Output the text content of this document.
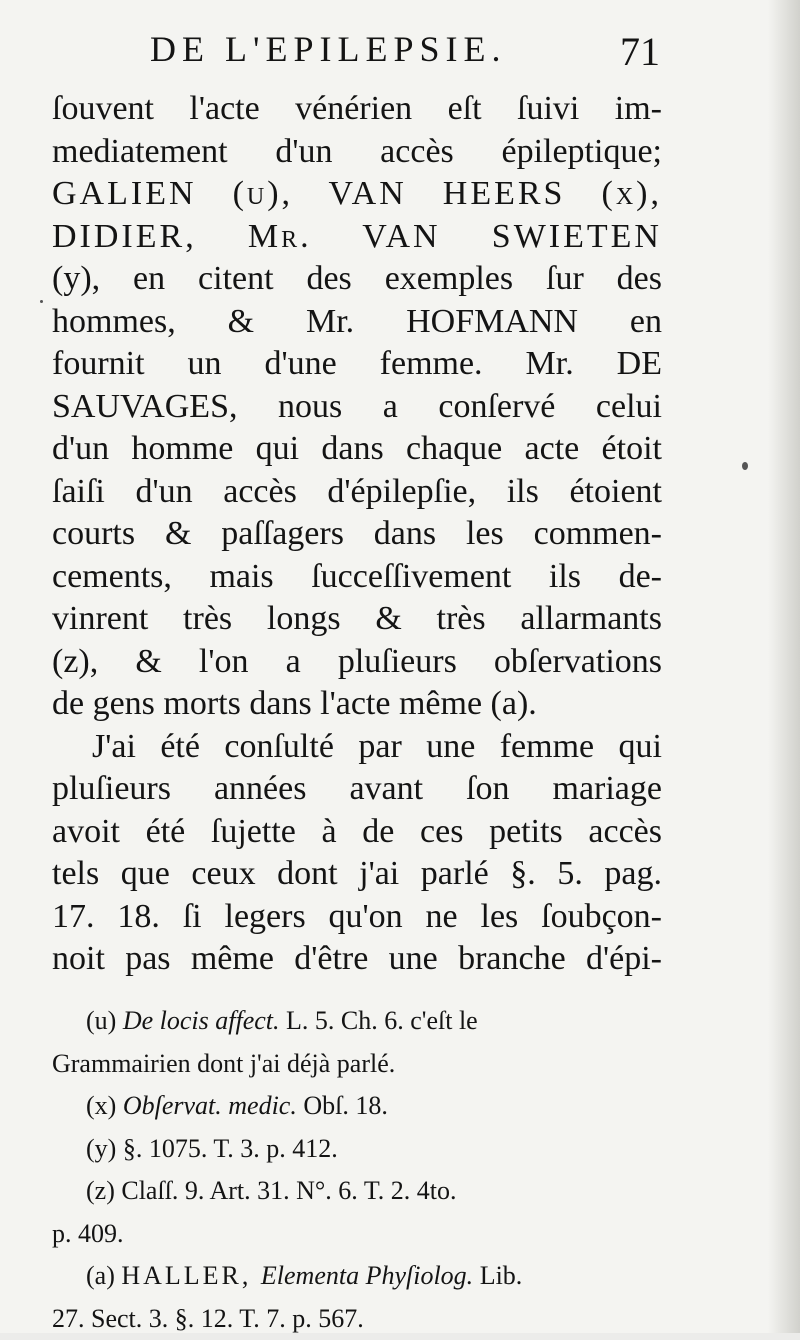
DE L'EPILEPSIE.	71
ſouvent l'acte vénérien eſt ſuivi im-
mediatement d'un accès épileptique;
GALIEN (u), VAN HEERS (x),
DIDIER, Mr. VAN SWIETEN
(y), en citent des exemples ſur des
hommes, & Mr. HOFMANN en
fournit un d'une femme. Mr. DE
SAUVAGES, nous a conſervé celui
d'un homme qui dans chaque acte étoit
ſaiſi d'un accès d'épilepſie, ils étoient
courts & paſſagers dans les commen-
cements, mais ſucceſſivement ils de-
vinrent très longs & très allarmants
(z), & l'on a pluſieurs obſervations
de gens morts dans l'acte même (a).
J'ai été conſulté par une femme qui
pluſieurs années avant ſon mariage
avoit été ſujette à de ces petits accès
tels que ceux dont j'ai parlé §. 5. pag.
17. 18. ſi legers qu'on ne les ſoubçon-
noit pas même d'être une branche d'épi-
(u) De locis affect. L. 5. Ch. 6. c'eſt le
Grammairien dont j'ai déjà parlé.
(x) Obſervat. medic. Obſ. 18.
(y) §. 1075. T. 3. p. 412.
(z) Claſſ. 9. Art. 31. N°. 6. T. 2. 4to.
p. 409.
(a) HALLER, Elementa Phyſiolog. Lib.
27. Sect. 3. §. 12. T. 7. p. 567.
